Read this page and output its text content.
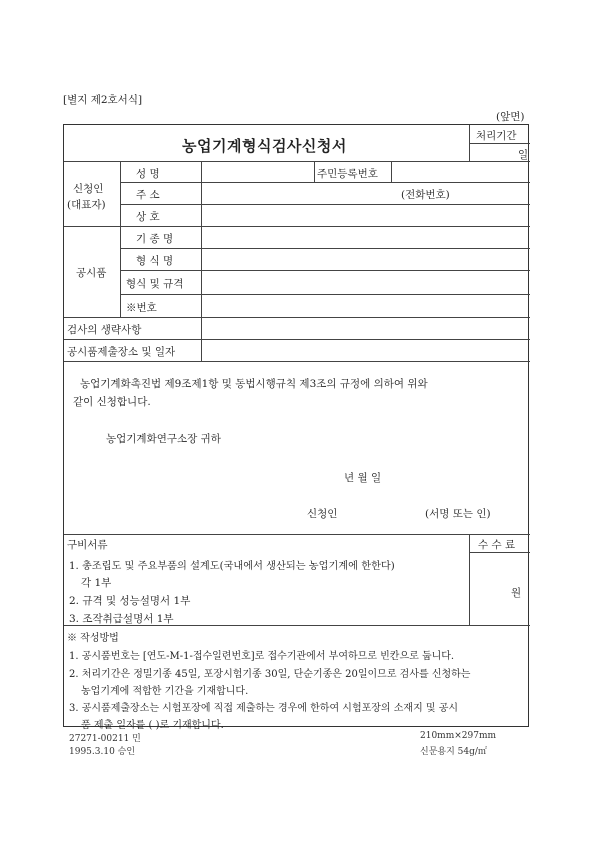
[별지 제2호서식]
(앞면)
농업기계형식검사신청서
처리기간
일
신청인
(대표자)
성 명	주민등록번호
주 소	(전화번호)
상 호
공시품
기 종 명
형 식 명
형식 및 규격
※번호
검사의 생략사항
공시품제출장소 및 일자
농업기계화촉진법 제9조제1항 및 동법시행규칙 제3조의 규정에 의하여 위와
같이 신청합니다.
농업기계화연구소장 귀하
년 월 일
신청인	(서명 또는 인)
구비서류	수 수 료
원
1. 총조립도 및 주요부품의 설계도(국내에서 생산되는 농업기계에 한한다)
각 1부
2. 규격 및 성능설명서 1부
3. 조작취급설명서 1부
※ 작성방법
1. 공시품번호는 [연도-M-1-접수일련번호]로 접수기관에서 부여하므로 빈칸으로 둡니다.
2. 처리기간은 정밀기종 45일, 포장시험기종 30일, 단순기종은 20일이므로 검사를 신청하는
농업기계에 적합한 기간을 기재합니다.
3. 공시품제출장소는 시험포장에 직접 제출하는 경우에 한하여 시험포장의 소재지 및 공시
품 제출 일자를 ( )로 기재합니다.
27271-00211 민
1995.3.10 승인
210mm×297mm
신문용지 54g/㎡
